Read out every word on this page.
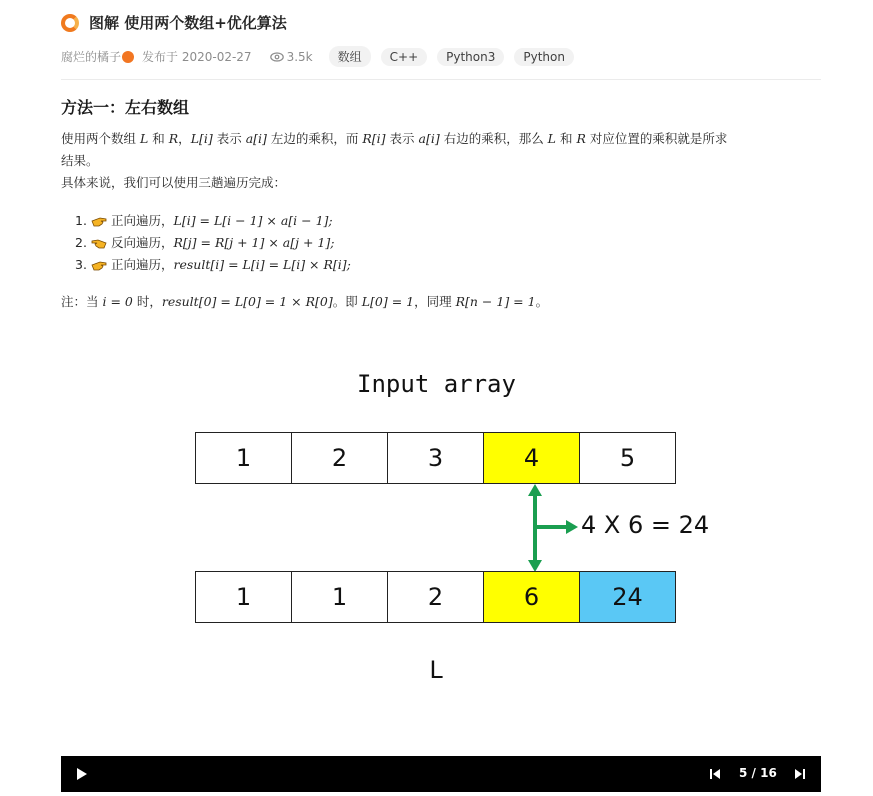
图解 使用两个数组+优化算法
腐烂的橘子 发布于 2020-02-27	3.5k	数组	C++	Python3	Python
方法一：左右数组
使用两个数组 L 和 R，L[i] 表示 a[i] 左边的乘积，而 R[i] 表示 a[i] 右边的乘积，那么 L 和 R 对应位置的乘积就是所求
结果。
具体来说，我们可以使用三趟遍历完成：
1. 正向遍历， L[i] = L[i − 1] × a[i − 1];
2. 反向遍历， R[j] = R[j + 1] × a[j + 1];
3. 正向遍历， result[i] = L[i] = L[i] × R[i];
注：当 i = 0 时，result[0] = L[0] = 1 × R[0]。即 L[0] = 1，同理 R[n − 1] = 1。
Input array
1	2	3	4	5
4 X 6 = 24
1	1	2	6	24
L
5 / 16
